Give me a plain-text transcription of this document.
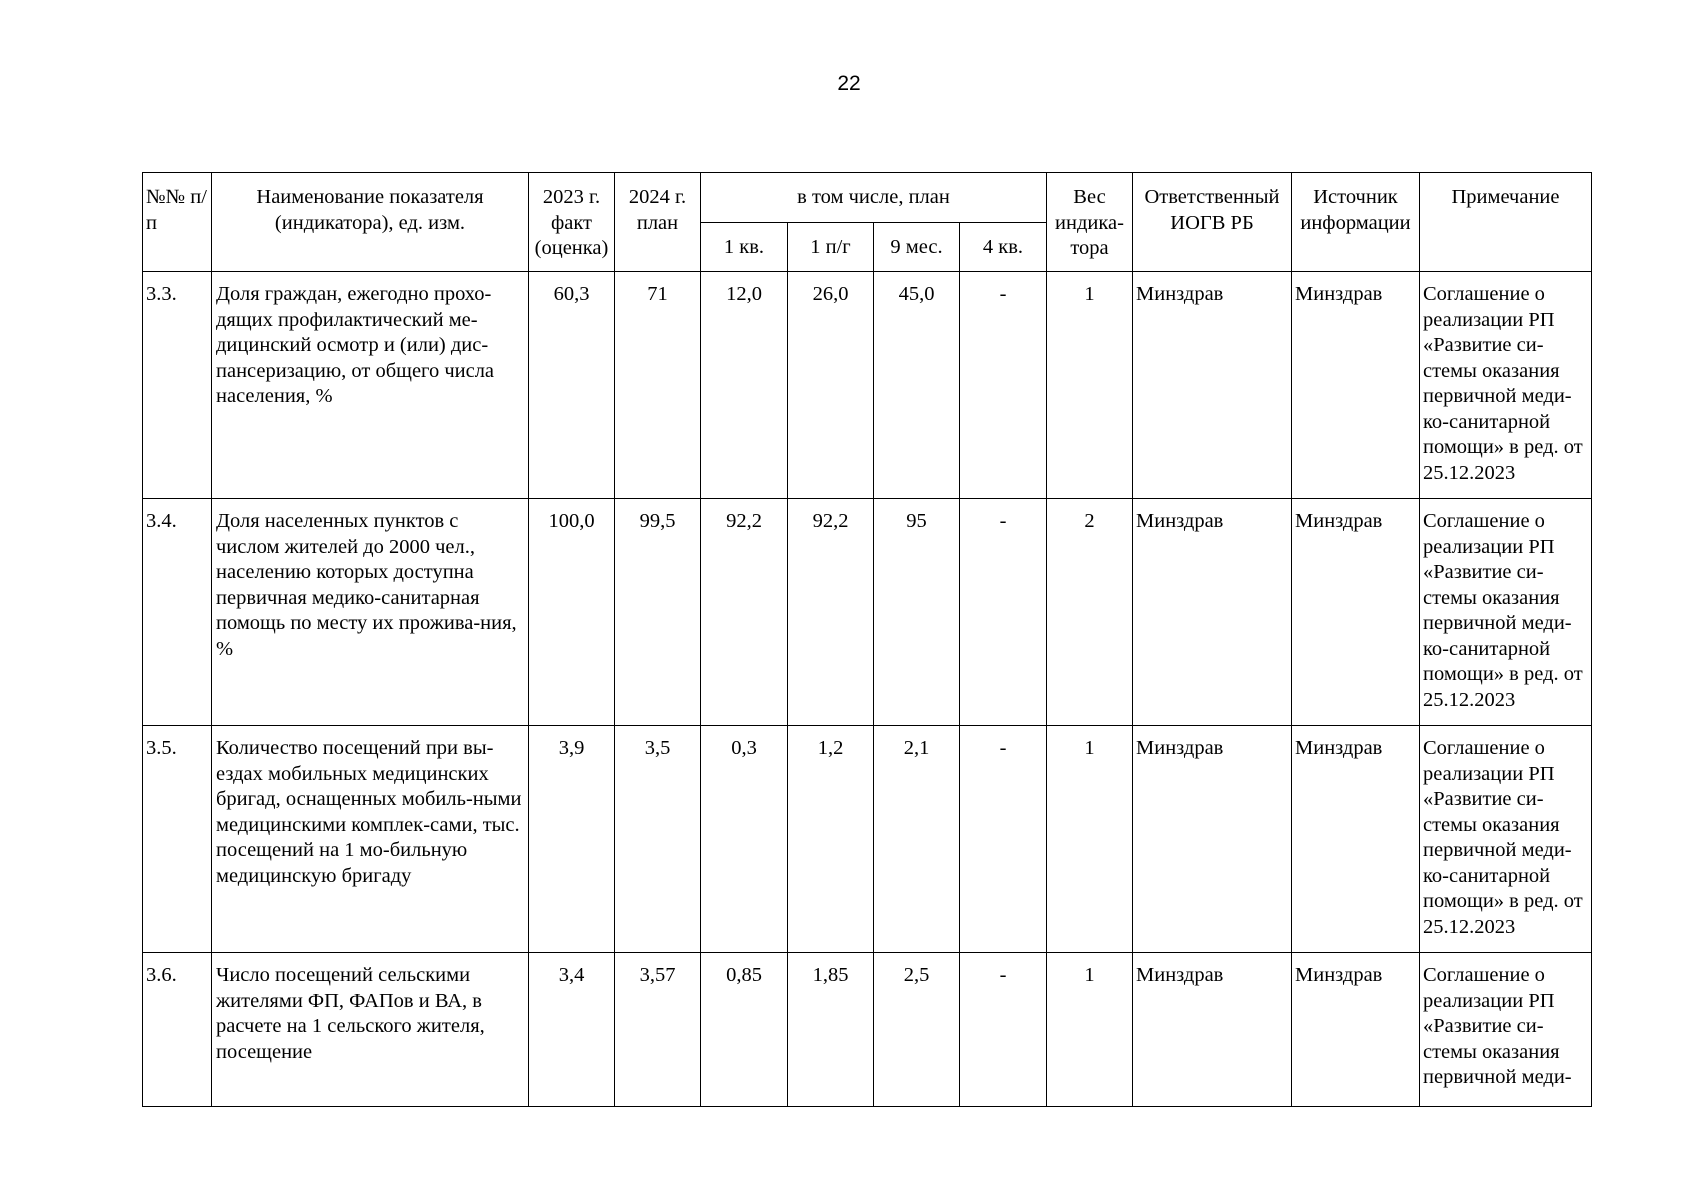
22
№№ п/п	Наименование показателя (индикатора), ед. изм.	2023 г. факт (оценка)	2024 г. план	в том числе, план				Вес индика-тора	Ответственный ИОГВ РБ	Источник информации	Примечание
				1 кв.	1 п/г	9 мес.	4 кв.				
3.3.	Доля граждан, ежегодно прохо-дящих профилактический ме-дицинский осмотр и (или) дис-пансеризацию, от общего числа населения, %	60,3	71	12,0	26,0	45,0	-	1	Минздрав	Минздрав	Соглашение о реализации РП «Развитие си-стемы оказания первичной меди-ко-санитарной помощи» в ред. от 25.12.2023
3.4.	Доля населенных пунктов с числом жителей до 2000 чел., населению которых доступна первичная медико-санитарная помощь по месту их прожива-ния, %	100,0	99,5	92,2	92,2	95	-	2	Минздрав	Минздрав	Соглашение о реализации РП «Развитие си-стемы оказания первичной меди-ко-санитарной помощи» в ред. от 25.12.2023
3.5.	Количество посещений при вы-ездах мобильных медицинских бригад, оснащенных мобиль-ными медицинскими комплек-сами, тыс. посещений на 1 мо-бильную медицинскую бригаду	3,9	3,5	0,3	1,2	2,1	-	1	Минздрав	Минздрав	Соглашение о реализации РП «Развитие си-стемы оказания первичной меди-ко-санитарной помощи» в ред. от 25.12.2023
3.6.	Число посещений сельскими жителями ФП, ФАПов и ВА, в расчете на 1 сельского жителя, посещение	3,4	3,57	0,85	1,85	2,5	-	1	Минздрав	Минздрав	Соглашение о реализации РП «Развитие си-стемы оказания первичной меди-
